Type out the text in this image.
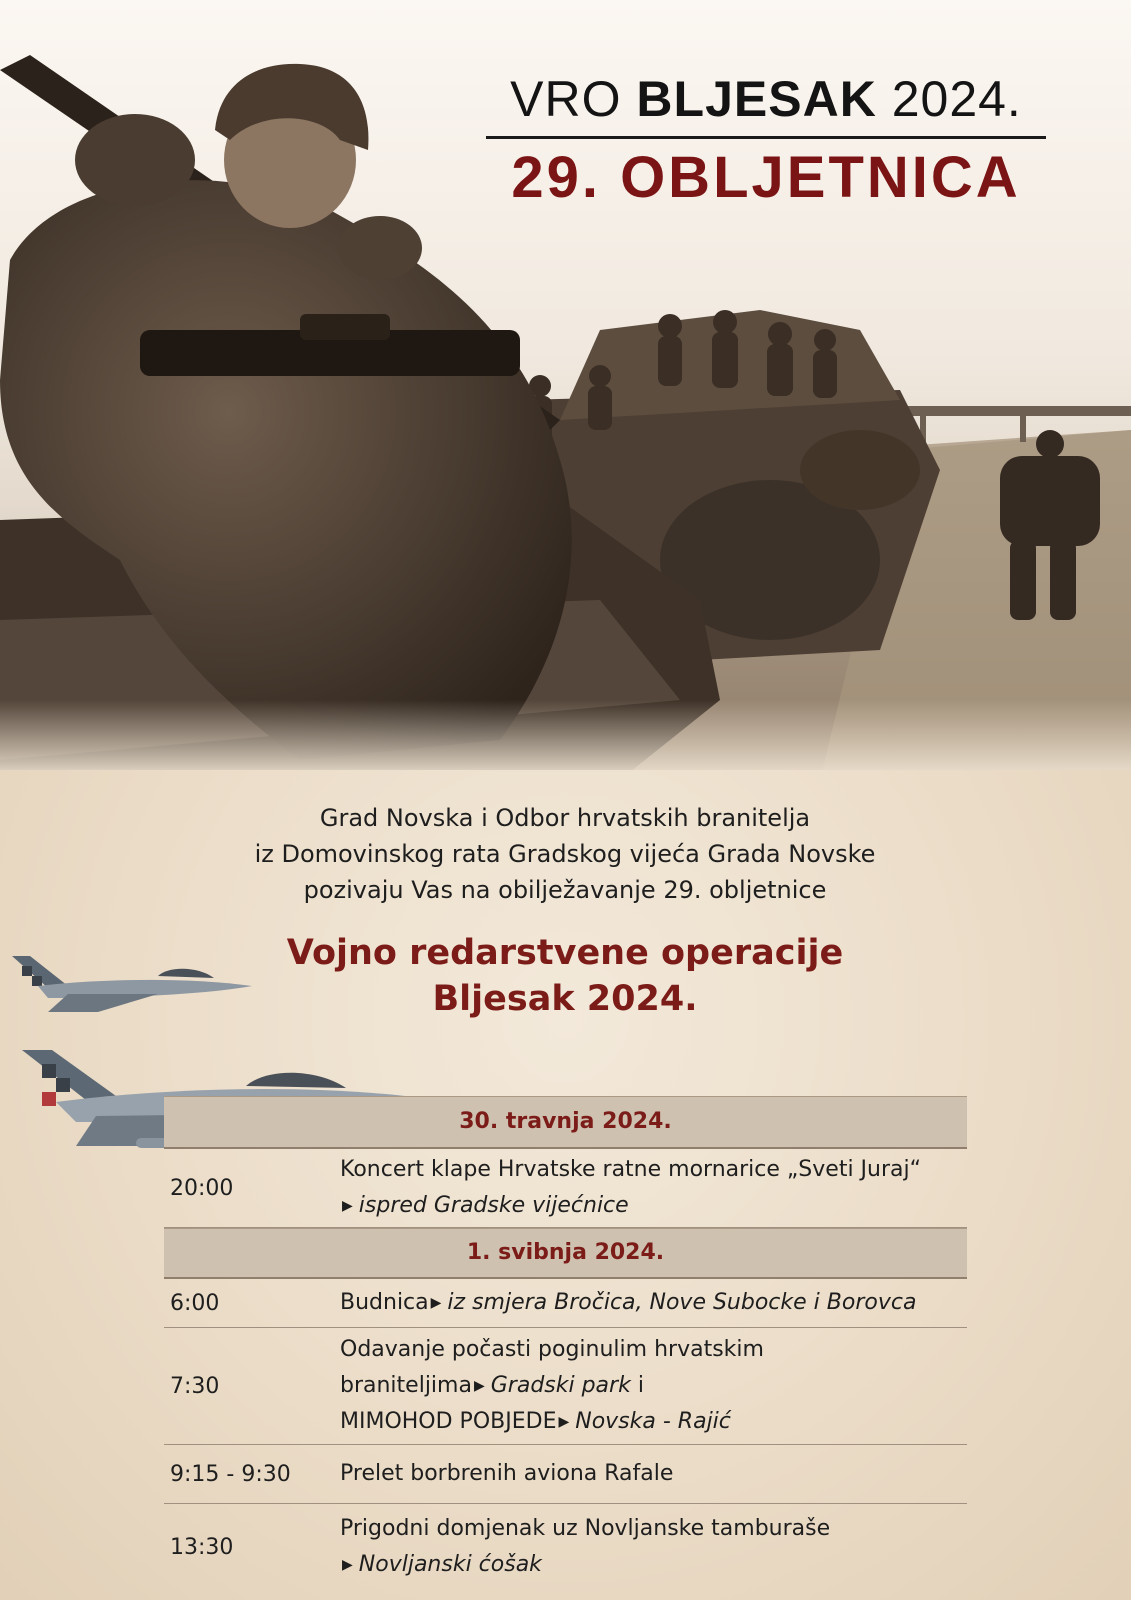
VRO BLJESAK 2024.
29. OBLJETNICA
Grad Novska i Odbor hrvatskih branitelja
iz Domovinskog rata Gradskog vijeća Grada Novske
pozivaju Vas na obilježavanje 29. obljetnice
Vojno redarstvene operacije
Bljesak 2024.
30. travnja 2024.
20:00
Koncert klape Hrvatske ratne mornarice „Sveti Juraj“
▶ ispred Gradske vijećnice
1. svibnja 2024.
6:00	Budnica ▶ iz smjera Bročica, Nove Subocke i Borovca
7:30
Odavanje počasti poginulim hrvatskim
braniteljima ▶ Gradski park i
MIMOHOD POBJEDE ▶ Novska - Rajić
9:15 - 9:30	Prelet borbrenih aviona Rafale
13:30
Prigodni domjenak uz Novljanske tamburaše
▶ Novljanski ćošak
